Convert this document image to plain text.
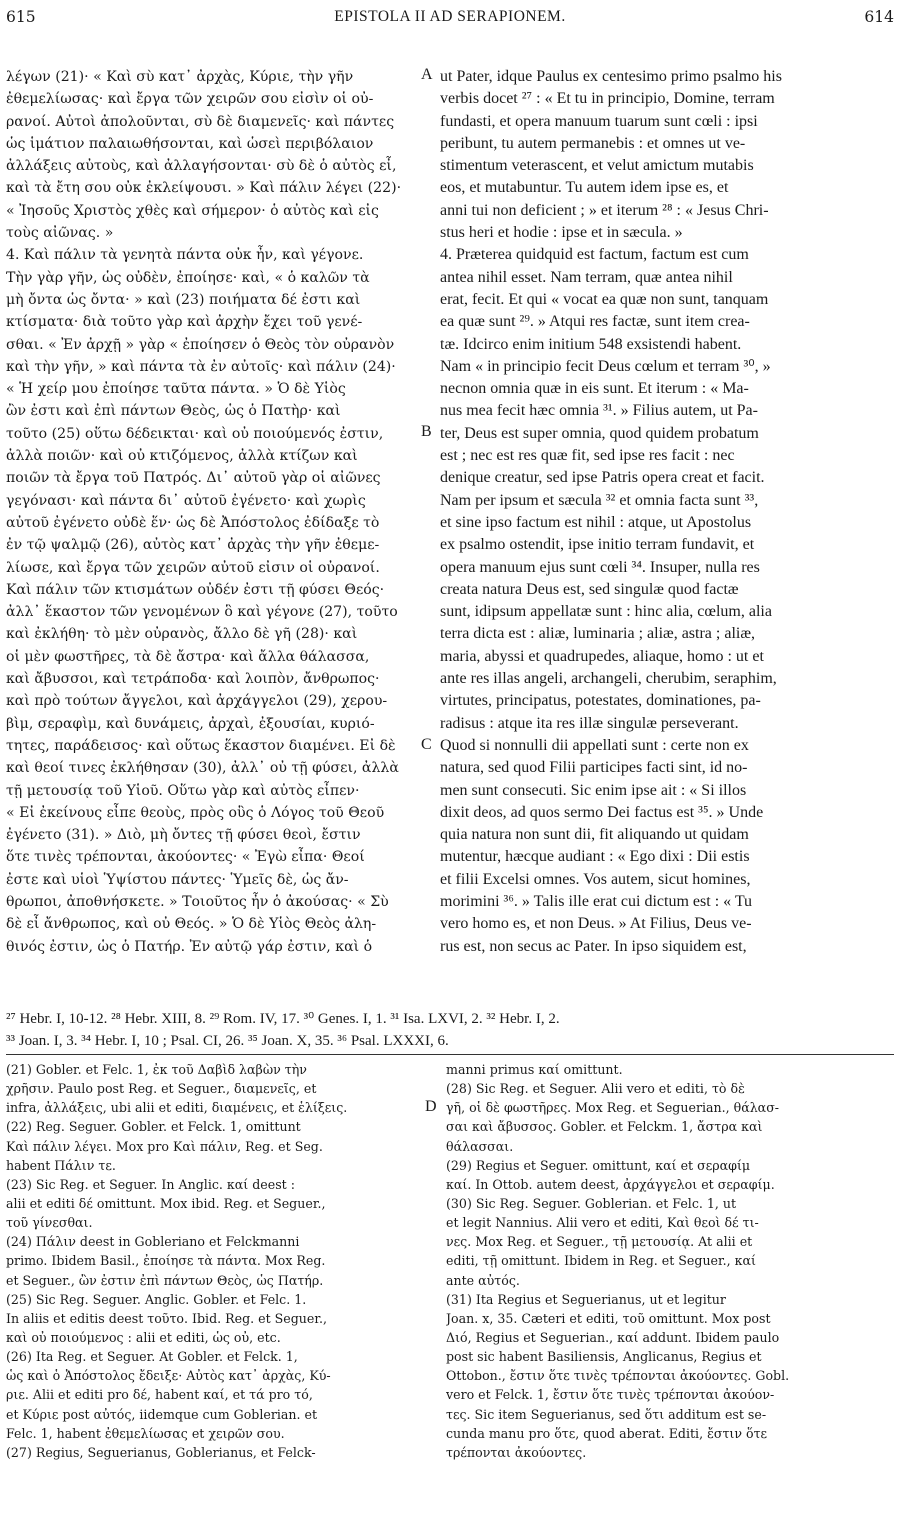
615	EPISTOLA II AD SERAPIONEM.	614
λέγων (21)· « Καὶ σὺ κατ᾿ ἀρχὰς, Κύριε, τὴν γῆν
ἐθεμελίωσας· καὶ ἔργα τῶν χειρῶν σου εἰσὶν οἱ οὐ-
ρανοί. Αὐτοὶ ἀπολοῦνται, σὺ δὲ διαμενεῖς· καὶ πάντες
ὡς ἱμάτιον παλαιωθήσονται, καὶ ὡσεὶ περιβόλαιον
ἀλλάξεις αὐτοὺς, καὶ ἀλλαγήσονται· σὺ δὲ ὁ αὐτὸς εἶ,
καὶ τὰ ἔτη σου οὐκ ἐκλείψουσι. » Καὶ πάλιν λέγει (22)·
« Ἰησοῦς Χριστὸς χθὲς καὶ σήμερον· ὁ αὐτὸς καὶ εἰς
τοὺς αἰῶνας. »
4. Καὶ πάλιν τὰ γενητὰ πάντα οὐκ ἦν, καὶ γέγονε.
Τὴν γὰρ γῆν, ὡς οὐδὲν, ἐποίησε· καὶ, « ὁ καλῶν τὰ
μὴ ὄντα ὡς ὄντα· » καὶ (23) ποιήματα δέ ἐστι καὶ
κτίσματα· διὰ τοῦτο γὰρ καὶ ἀρχὴν ἔχει τοῦ γενέ-
σθαι. « Ἐν ἀρχῇ » γὰρ « ἐποίησεν ὁ Θεὸς τὸν οὐρανὸν
καὶ τὴν γῆν, » καὶ πάντα τὰ ἐν αὐτοῖς· καὶ πάλιν (24)·
« Ἡ χείρ μου ἐποίησε ταῦτα πάντα. » Ὁ δὲ Υἱὸς
ὢν ἐστι καὶ ἐπὶ πάντων Θεὸς, ὡς ὁ Πατὴρ· καὶ
τοῦτο (25) οὕτω δέδεικται· καὶ οὐ ποιούμενός ἐστιν,
ἀλλὰ ποιῶν· καὶ οὐ κτιζόμενος, ἀλλὰ κτίζων καὶ
ποιῶν τὰ ἔργα τοῦ Πατρός. Δι᾿ αὐτοῦ γὰρ οἱ αἰῶνες
γεγόνασι· καὶ πάντα δι᾿ αὐτοῦ ἐγένετο· καὶ χωρὶς
αὐτοῦ ἐγένετο οὐδὲ ἕν· ὡς δὲ Ἀπόστολος ἐδίδαξε τὸ
ἐν τῷ ψαλμῷ (26), αὐτὸς κατ᾿ ἀρχὰς τὴν γῆν ἐθεμε-
λίωσε, καὶ ἔργα τῶν χειρῶν αὐτοῦ εἰσιν οἱ οὐρανοί.
Καὶ πάλιν τῶν κτισμάτων οὐδέν ἐστι τῇ φύσει Θεός·
ἀλλ᾿ ἕκαστον τῶν γενομένων ὃ καὶ γέγονε (27), τοῦτο
καὶ ἐκλήθη· τὸ μὲν οὐρανὸς, ἄλλο δὲ γῆ (28)· καὶ
οἱ μὲν φωστῆρες, τὰ δὲ ἄστρα· καὶ ἄλλα θάλασσα,
καὶ ἄβυσσοι, καὶ τετράποδα· καὶ λοιπὸν, ἄνθρωπος·
καὶ πρὸ τούτων ἄγγελοι, καὶ ἀρχάγγελοι (29), χερου-
βὶμ, σεραφὶμ, καὶ δυνάμεις, ἀρχαὶ, ἐξουσίαι, κυριό-
τητες, παράδεισος· καὶ οὕτως ἕκαστον διαμένει. Εἰ δὲ
καὶ θεοί τινες ἐκλήθησαν (30), ἀλλ᾿ οὐ τῇ φύσει, ἀλλὰ
τῇ μετουσίᾳ τοῦ Υἱοῦ. Οὕτω γὰρ καὶ αὐτὸς εἶπεν·
« Εἰ ἐκείνους εἶπε θεοὺς, πρὸς οὓς ὁ Λόγος τοῦ Θεοῦ
ἐγένετο (31). » Διὸ, μὴ ὄντες τῇ φύσει θεοὶ, ἔστιν
ὅτε τινὲς τρέπονται, ἀκούοντες· « Ἐγὼ εἶπα· Θεοί
ἐστε καὶ υἱοὶ Ὑψίστου πάντες· Ὑμεῖς δὲ, ὡς ἄν-
θρωποι, ἀποθνήσκετε. » Τοιοῦτος ἦν ὁ ἀκούσας· « Σὺ
δὲ εἶ ἄνθρωπος, καὶ οὐ Θεός. » Ὁ δὲ Υἱὸς Θεὸς ἀλη-
θινός ἐστιν, ὡς ὁ Πατήρ. Ἐν αὐτῷ γάρ ἐστιν, καὶ ὁ
ut Pater, idque Paulus ex centesimo primo psalmo his
verbis docet ²⁷ : « Et tu in principio, Domine, terram
fundasti, et opera manuum tuarum sunt cœli : ipsi
peribunt, tu autem permanebis : et omnes ut ve-
stimentum veterascent, et velut amictum mutabis
eos, et mutabuntur. Tu autem idem ipse es, et
anni tui non deficient ; » et iterum ²⁸ : « Jesus Chri-
stus heri et hodie : ipse et in sæcula. »
4. Præterea quidquid est factum, factum est cum
antea nihil esset. Nam terram, quæ antea nihil
erat, fecit. Et qui « vocat ea quæ non sunt, tanquam
ea quæ sunt ²⁹. » Atqui res factæ, sunt item crea-
tæ. Idcirco enim initium 548 exsistendi habent.
Nam « in principio fecit Deus cœlum et terram ³⁰, »
necnon omnia quæ in eis sunt. Et iterum : « Ma-
nus mea fecit hæc omnia ³¹. » Filius autem, ut Pa-
ter, Deus est super omnia, quod quidem probatum
est ; nec est res quæ fit, sed ipse res facit : nec
denique creatur, sed ipse Patris opera creat et facit.
Nam per ipsum et sæcula ³² et omnia facta sunt ³³,
et sine ipso factum est nihil : atque, ut Apostolus
ex psalmo ostendit, ipse initio terram fundavit, et
opera manuum ejus sunt cœli ³⁴. Insuper, nulla res
creata natura Deus est, sed singulæ quod factæ
sunt, idipsum appellatæ sunt : hinc alia, cœlum, alia
terra dicta est : aliæ, luminaria ; aliæ, astra ; aliæ,
maria, abyssi et quadrupedes, aliaque, homo : ut et
ante res illas angeli, archangeli, cherubim, seraphim,
virtutes, principatus, potestates, dominationes, pa-
radisus : atque ita res illæ singulæ perseverant.
Quod si nonnulli dii appellati sunt : certe non ex
natura, sed quod Filii participes facti sint, id no-
men sunt consecuti. Sic enim ipse ait : « Si illos
dixit deos, ad quos sermo Dei factus est ³⁵. » Unde
quia natura non sunt dii, fit aliquando ut quidam
mutentur, hæcque audiant : « Ego dixi : Dii estis
et filii Excelsi omnes. Vos autem, sicut homines,
morimini ³⁶. » Talis ille erat cui dictum est : « Tu
vero homo es, et non Deus. » At Filius, Deus ve-
rus est, non secus ac Pater. In ipso siquidem est,
A
B
C
D
²⁷ Hebr. I, 10-12. ²⁸ Hebr. XIII, 8. ²⁹ Rom. IV, 17. ³⁰ Genes. I, 1. ³¹ Isa. LXVI, 2. ³² Hebr. I, 2.
³³ Joan. I, 3. ³⁴ Hebr. I, 10 ; Psal. CI, 26. ³⁵ Joan. X, 35. ³⁶ Psal. LXXXI, 6.
(21) Gobler. et Felc. 1, ἐκ τοῦ Δαβὶδ λαβὼν τὴν
χρῆσιν. Paulo post Reg. et Seguer., διαμενεῖς, et
infra, ἀλλάξεις, ubi alii et editi, διαμένεις, et ἑλίξεις.
(22) Reg. Seguer. Gobler. et Felck. 1, omittunt
Καὶ πάλιν λέγει. Mox pro Καὶ πάλιν, Reg. et Seg.
habent Πάλιν τε.
(23) Sic Reg. et Seguer. In Anglic. καί deest :
alii et editi δέ omittunt. Mox ibid. Reg. et Seguer.,
τοῦ γίνεσθαι.
(24) Πάλιν deest in Gobleriano et Felckmanni
primo. Ibidem Basil., ἐποίησε τὰ πάντα. Mox Reg.
et Seguer., ὢν ἐστιν ἐπὶ πάντων Θεὸς, ὡς Πατήρ.
(25) Sic Reg. Seguer. Anglic. Gobler. et Felc. 1.
In aliis et editis deest τοῦτο. Ibid. Reg. et Seguer.,
καὶ οὐ ποιούμενος : alii et editi, ὡς οὐ, etc.
(26) Ita Reg. et Seguer. At Gobler. et Felck. 1,
ὡς καὶ ὁ Ἀπόστολος ἔδειξε· Αὐτὸς κατ᾿ ἀρχὰς, Κύ-
ριε. Alii et editi pro δέ, habent καί, et τά pro τό,
et Κύριε post αὐτός, iidemque cum Goblerian. et
Felc. 1, habent ἐθεμελίωσας et χειρῶν σου.
(27) Regius, Seguerianus, Goblerianus, et Felck-
manni primus καί omittunt.
(28) Sic Reg. et Seguer. Alii vero et editi, τὸ δὲ
γῆ, οἱ δὲ φωστῆρες. Mox Reg. et Seguerian., θάλασ-
σαι καὶ ἄβυσσος. Gobler. et Felckm. 1, ἄστρα καὶ
θάλασσαι.
(29) Regius et Seguer. omittunt, καί et σεραφίμ
καί. In Ottob. autem deest, ἀρχάγγελοι et σεραφίμ.
(30) Sic Reg. Seguer. Goblerian. et Felc. 1, ut
et legit Nannius. Alii vero et editi, Καὶ θεοὶ δέ τι-
νες. Mox Reg. et Seguer., τῇ μετουσίᾳ. At alii et
editi, τῇ omittunt. Ibidem in Reg. et Seguer., καί
ante αὐτός.
(31) Ita Regius et Seguerianus, ut et legitur
Joan. x, 35. Cæteri et editi, τοῦ omittunt. Mox post
Διό, Regius et Seguerian., καί addunt. Ibidem paulo
post sic habent Basiliensis, Anglicanus, Regius et
Ottobon., ἔστιν ὅτε τινὲς τρέπονται ἀκούοντες. Gobl.
vero et Felck. 1, ἔστιν ὅτε τινὲς τρέπονται ἀκούον-
τες. Sic item Seguerianus, sed ὅτι additum est se-
cunda manu pro ὅτε, quod aberat. Editi, ἔστιν ὅτε
τρέπονται ἀκούοντες.
